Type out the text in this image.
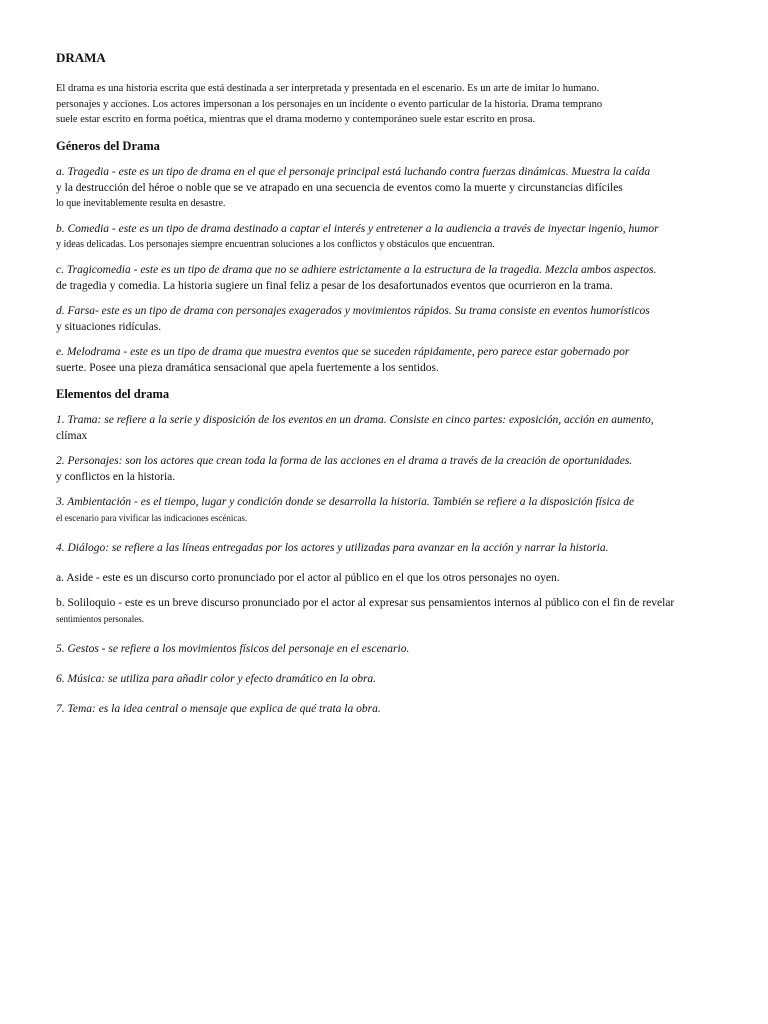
DRAMA

El drama es una historia escrita que está destinada a ser interpretada y presentada en el escenario. Es un arte de imitar lo humano.
personajes y acciones. Los actores impersonan a los personajes en un incidente o evento particular de la historia. Drama temprano
suele estar escrito en forma poética, mientras que el drama moderno y contemporáneo suele estar escrito en prosa.

Géneros del Drama

a. Tragedia - este es un tipo de drama en el que el personaje principal está luchando contra fuerzas dinámicas. Muestra la caída
y la destrucción del héroe o noble que se ve atrapado en una secuencia de eventos como la muerte y circunstancias difíciles
lo que inevitablemente resulta en desastre.

b. Comedia - este es un tipo de drama destinado a captar el interés y entretener a la audiencia a través de inyectar ingenio, humor
y ideas delicadas. Los personajes siempre encuentran soluciones a los conflictos y obstáculos que encuentran.

c. Tragicomedia - este es un tipo de drama que no se adhiere estrictamente a la estructura de la tragedia. Mezcla ambos aspectos.
de tragedia y comedia. La historia sugiere un final feliz a pesar de los desafortunados eventos que ocurrieron en la trama.

d. Farsa- este es un tipo de drama con personajes exagerados y movimientos rápidos. Su trama consiste en eventos humorísticos
y situaciones ridículas.

e. Melodrama - este es un tipo de drama que muestra eventos que se suceden rápidamente, pero parece estar gobernado por
suerte. Posee una pieza dramática sensacional que apela fuertemente a los sentidos.

Elementos del drama

1. Trama: se refiere a la serie y disposición de los eventos en un drama. Consiste en cinco partes: exposición, acción en aumento,
clímax

2. Personajes: son los actores que crean toda la forma de las acciones en el drama a través de la creación de oportunidades.
y conflictos en la historia.

3. Ambientación - es el tiempo, lugar y condición donde se desarrolla la historia. También se refiere a la disposición física de
el escenario para vivificar las indicaciones escénicas.

4. Diálogo: se refiere a las líneas entregadas por los actores y utilizadas para avanzar en la acción y narrar la historia.

a. Aside - este es un discurso corto pronunciado por el actor al público en el que los otros personajes no oyen.

b. Soliloquio - este es un breve discurso pronunciado por el actor al expresar sus pensamientos internos al público con el fin de revelar
sentimientos personales.

5. Gestos - se refiere a los movimientos físicos del personaje en el escenario.

6. Música: se utiliza para añadir color y efecto dramático en la obra.

7. Tema: es la idea central o mensaje que explica de qué trata la obra.
